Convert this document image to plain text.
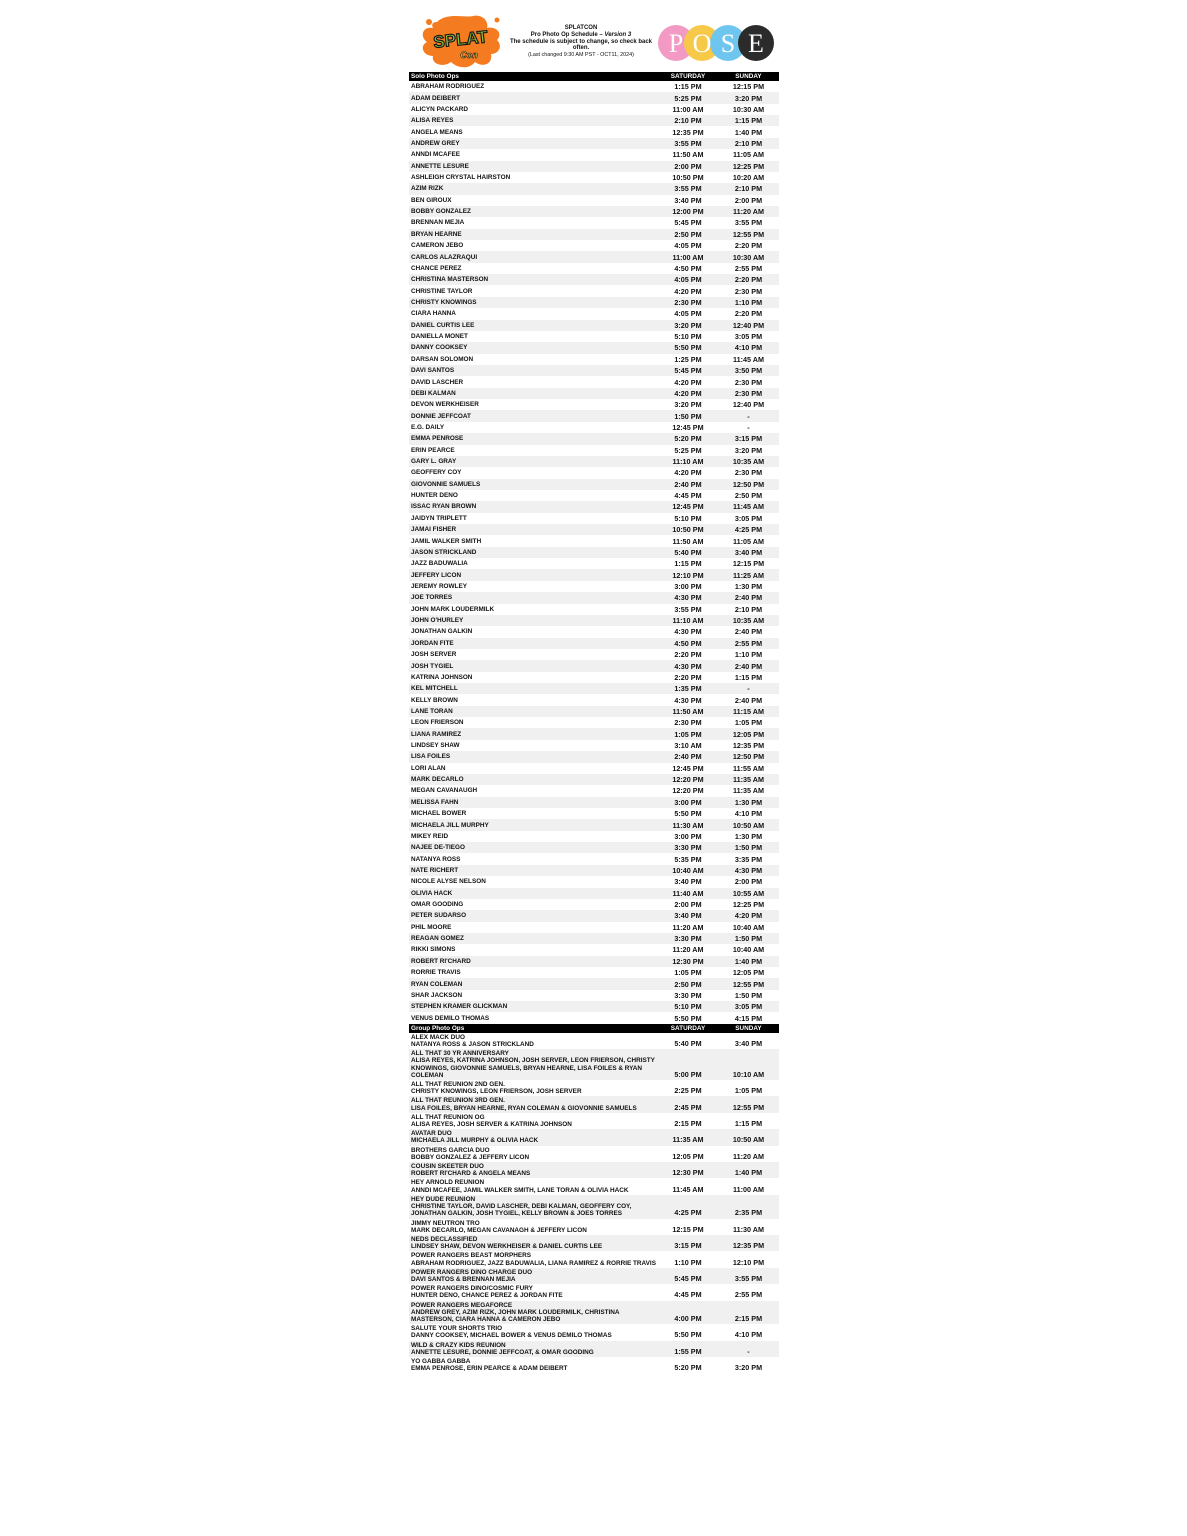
SPLAT
Con
SPLATCON
Pro Photo Op Schedule – Version 3
The schedule is subject to change, so check back often.
(Last changed 9:30 AM PST - OCT11, 2024)	P O S E
Solo Photo Ops	SATURDAY	SUNDAY
ABRAHAM RODRIGUEZ	1:15 PM	12:15 PM
ADAM DEIBERT	5:25 PM	3:20 PM
ALICYN PACKARD	11:00 AM	10:30 AM
ALISA REYES	2:10 PM	1:15 PM
ANGELA MEANS	12:35 PM	1:40 PM
ANDREW GREY	3:55 PM	2:10 PM
ANNDI MCAFEE	11:50 AM	11:05 AM
ANNETTE LESURE	2:00 PM	12:25 PM
ASHLEIGH CRYSTAL HAIRSTON	10:50 PM	10:20 AM
AZIM RIZK	3:55 PM	2:10 PM
BEN GIROUX	3:40 PM	2:00 PM
BOBBY GONZALEZ	12:00 PM	11:20 AM
BRENNAN MEJIA	5:45 PM	3:55 PM
BRYAN HEARNE	2:50 PM	12:55 PM
CAMERON JEBO	4:05 PM	2:20 PM
CARLOS ALAZRAQUI	11:00 AM	10:30 AM
CHANCE PEREZ	4:50 PM	2:55 PM
CHRISTINA MASTERSON	4:05 PM	2:20 PM
CHRISTINE TAYLOR	4:20 PM	2:30 PM
CHRISTY KNOWINGS	2:30 PM	1:10 PM
CIARA HANNA	4:05 PM	2:20 PM
DANIEL CURTIS LEE	3:20 PM	12:40 PM
DANIELLA MONET	5:10 PM	3:05 PM
DANNY COOKSEY	5:50 PM	4:10 PM
DARSAN SOLOMON	1:25 PM	11:45 AM
DAVI SANTOS	5:45 PM	3:50 PM
DAVID LASCHER	4:20 PM	2:30 PM
DEBI KALMAN	4:20 PM	2:30 PM
DEVON WERKHEISER	3:20 PM	12:40 PM
DONNIE JEFFCOAT	1:50 PM	-
E.G. DAILY	12:45 PM	-
EMMA PENROSE	5:20 PM	3:15 PM
ERIN PEARCE	5:25 PM	3:20 PM
GARY L. GRAY	11:10 AM	10:35 AM
GEOFFERY COY	4:20 PM	2:30 PM
GIOVONNIE SAMUELS	2:40 PM	12:50 PM
HUNTER DENO	4:45 PM	2:50 PM
ISSAC RYAN BROWN	12:45 PM	11:45 AM
JAIDYN TRIPLETT	5:10 PM	3:05 PM
JAMAI FISHER	10:50 PM	4:25 PM
JAMIL WALKER SMITH	11:50 AM	11:05 AM
JASON STRICKLAND	5:40 PM	3:40 PM
JAZZ BADUWALIA	1:15 PM	12:15 PM
JEFFERY LICON	12:10 PM	11:25 AM
JEREMY ROWLEY	3:00 PM	1:30 PM
JOE TORRES	4:30 PM	2:40 PM
JOHN MARK LOUDERMILK	3:55 PM	2:10 PM
JOHN O'HURLEY	11:10 AM	10:35 AM
JONATHAN GALKIN	4:30 PM	2:40 PM
JORDAN FITE	4:50 PM	2:55 PM
JOSH SERVER	2:20 PM	1:10 PM
JOSH TYGIEL	4:30 PM	2:40 PM
KATRINA JOHNSON	2:20 PM	1:15 PM
KEL MITCHELL	1:35 PM	-
KELLY BROWN	4:30 PM	2:40 PM
LANE TORAN	11:50 AM	11:15 AM
LEON FRIERSON	2:30 PM	1:05 PM
LIANA RAMIREZ	1:05 PM	12:05 PM
LINDSEY SHAW	3:10 AM	12:35 PM
LISA FOILES	2:40 PM	12:50 PM
LORI ALAN	12:45 PM	11:55 AM
MARK DECARLO	12:20 PM	11:35 AM
MEGAN CAVANAUGH	12:20 PM	11:35 AM
MELISSA FAHN	3:00 PM	1:30 PM
MICHAEL BOWER	5:50 PM	4:10 PM
MICHAELA JILL MURPHY	11:30 AM	10:50 AM
MIKEY REID	3:00 PM	1:30 PM
NAJEE DE-TIEGO	3:30 PM	1:50 PM
NATANYA ROSS	5:35 PM	3:35 PM
NATE RICHERT	10:40 AM	4:30 PM
NICOLE ALYSE NELSON	3:40 PM	2:00 PM
OLIVIA HACK	11:40 AM	10:55 AM
OMAR GOODING	2:00 PM	12:25 PM
PETER SUDARSO	3:40 PM	4:20 PM
PHIL MOORE	11:20 AM	10:40 AM
REAGAN GOMEZ	3:30 PM	1:50 PM
RIKKI SIMONS	11:20 AM	10:40 AM
ROBERT RI'CHARD	12:30 PM	1:40 PM
RORRIE TRAVIS	1:05 PM	12:05 PM
RYAN COLEMAN	2:50 PM	12:55 PM
SHAR JACKSON	3:30 PM	1:50 PM
STEPHEN KRAMER GLICKMAN	5:10 PM	3:05 PM
VENUS DEMILO THOMAS	5:50 PM	4:15 PM
Group Photo Ops	SATURDAY	SUNDAY

ALEX MACK DUO
NATANYA ROSS & JASON STRICKLAND	5:40 PM	3:40 PM

ALL THAT 30 YR ANNIVERSARY
ALISA REYES, KATRINA JOHNSON, JOSH SERVER, LEON FRIERSON, CHRISTY KNOWINGS, GIOVONNIE SAMUELS, BRYAN HEARNE, LISA FOILES & RYAN COLEMAN	5:00 PM	10:10 AM

ALL THAT REUNION 2ND GEN.
CHRISTY KNOWINGS, LEON FRIERSON, JOSH SERVER	2:25 PM	1:05 PM

ALL THAT REUNION 3RD GEN.
LISA FOILES, BRYAN HEARNE, RYAN COLEMAN & GIOVONNIE SAMUELS	2:45 PM	12:55 PM

ALL THAT REUNION OG
ALISA REYES, JOSH SERVER & KATRINA JOHNSON	2:15 PM	1:15 PM

AVATAR DUO
MICHAELA JILL MURPHY & OLIVIA HACK	11:35 AM	10:50 AM

BROTHERS GARCIA DUO
BOBBY GONZALEZ & JEFFERY LICON	12:05 PM	11:20 AM

COUSIN SKEETER DUO
ROBERT RI'CHARD & ANGELA MEANS	12:30 PM	1:40 PM

HEY ARNOLD REUNION
ANNDI MCAFEE, JAMIL WALKER SMITH, LANE TORAN & OLIVIA HACK	11:45 AM	11:00 AM

HEY DUDE REUNION
CHRISTINE TAYLOR, DAVID LASCHER, DEBI KALMAN, GEOFFERY COY, JONATHAN GALKIN, JOSH TYGIEL, KELLY BROWN & JOES TORRES	4:25 PM	2:35 PM

JIMMY NEUTRON TRO
MARK DECARLO, MEGAN CAVANAGH & JEFFERY LICON	12:15 PM	11:30 AM

NEDS DECLASSIFIED
LINDSEY SHAW, DEVON WERKHEISER & DANIEL CURTIS LEE	3:15 PM	12:35 PM

POWER RANGERS BEAST MORPHERS
ABRAHAM RODRIGUEZ, JAZZ BADUWALIA, LIANA RAMIREZ & RORRIE TRAVIS	1:10 PM	12:10 PM

POWER RANGERS DINO CHARGE DUO
DAVI SANTOS & BRENNAN MEJIA	5:45 PM	3:55 PM

POWER RANGERS DINO/COSMIC FURY
HUNTER DENO, CHANCE PEREZ & JORDAN FITE	4:45 PM	2:55 PM

POWER RANGERS MEGAFORCE
ANDREW GREY, AZIM RIZK, JOHN MARK LOUDERMILK, CHRISTINA MASTERSON, CIARA HANNA & CAMERON JEBO	4:00 PM	2:15 PM

SALUTE YOUR SHORTS TRIO
DANNY COOKSEY, MICHAEL BOWER & VENUS DEMILO THOMAS	5:50 PM	4:10 PM

WILD & CRAZY KIDS REUNION
ANNETTE LESURE, DONNIE JEFFCOAT, & OMAR GOODING	1:55 PM	-

YO GABBA GABBA
EMMA PENROSE, ERIN PEARCE & ADAM DEIBERT	5:20 PM	3:20 PM
